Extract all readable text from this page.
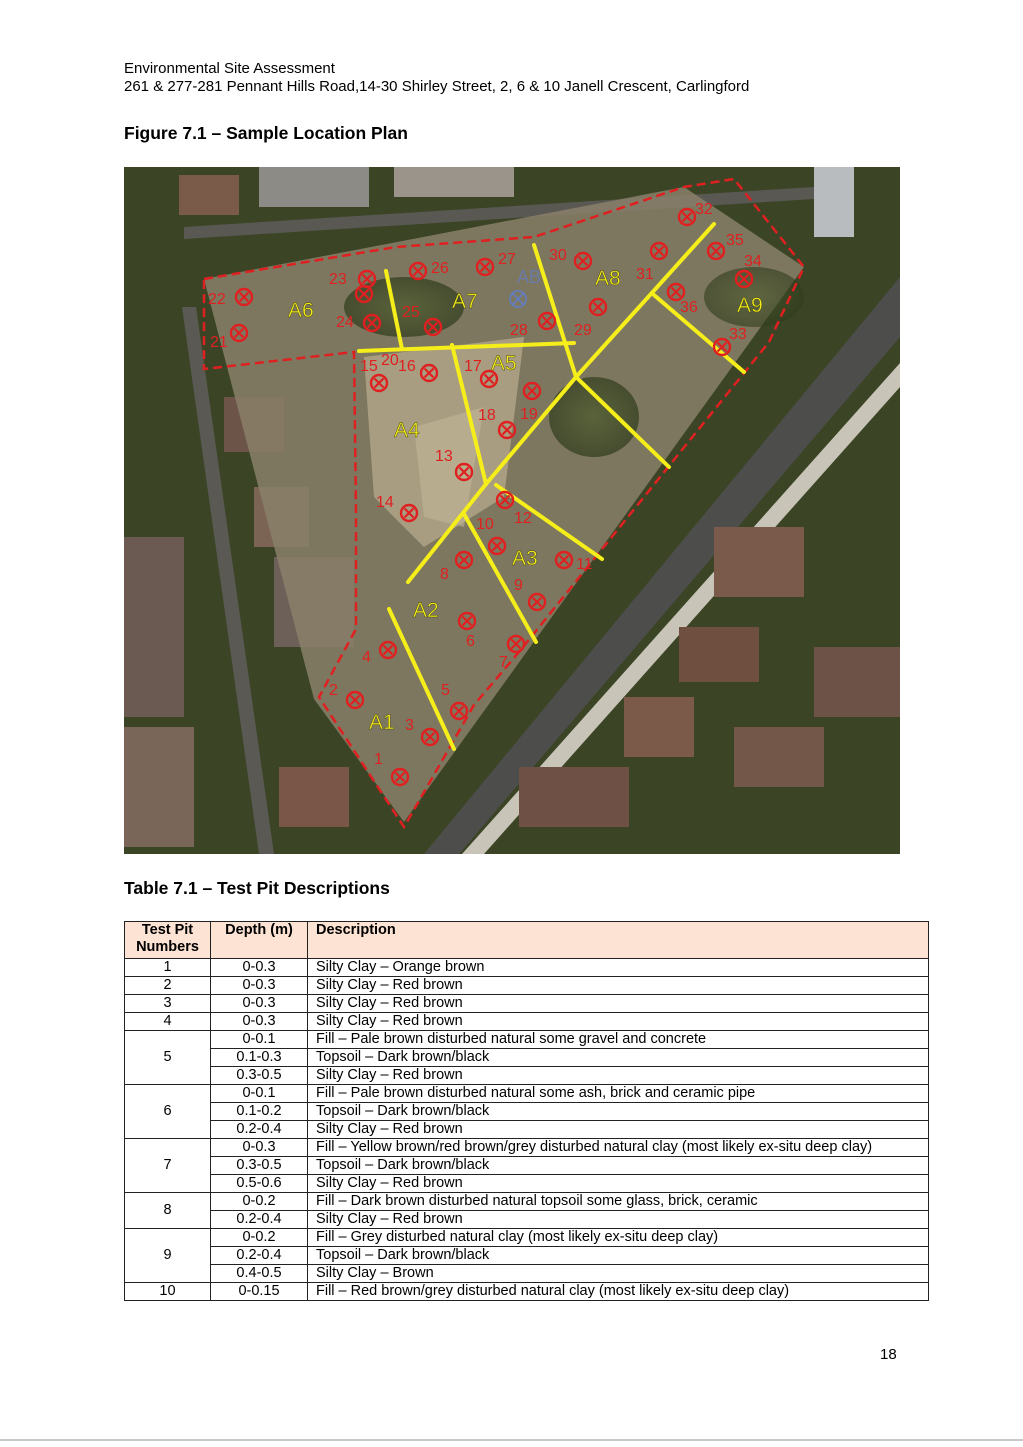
Environmental Site Assessment
261 & 277-281 Pennant Hills Road,14-30 Shirley Street, 2, 6 & 10 Janell Crescent, Carlingford
Figure 7.1 – Sample Location Plan
A1
A2
A3
A4
A5
A6	A7
A8
A9
AB
1
2
3
4
5
6
7
8
9
10
11
12
13
14
15 16	17
18 19
20
21
22
23
24
25
26
27
28	29
30
31
32
33
34
35
36
Table 7.1 – Test Pit Descriptions
Test Pit
Numbers	Depth (m)	Description
1	0-0.3	Silty Clay – Orange brown
2	0-0.3	Silty Clay – Red brown
3	0-0.3	Silty Clay – Red brown
4	0-0.3	Silty Clay – Red brown
5	0-0.1	Fill – Pale brown disturbed natural some gravel and concrete
	0.1-0.3	Topsoil – Dark brown/black
	0.3-0.5	Silty Clay – Red brown
6	0-0.1	Fill – Pale brown disturbed natural some ash, brick and ceramic pipe
	0.1-0.2	Topsoil – Dark brown/black
	0.2-0.4	Silty Clay – Red brown
7	0-0.3	Fill – Yellow brown/red brown/grey disturbed natural clay (most likely ex-situ deep clay)
	0.3-0.5	Topsoil – Dark brown/black
	0.5-0.6	Silty Clay – Red brown
8	0-0.2	Fill – Dark brown disturbed natural topsoil some glass, brick, ceramic
	0.2-0.4	Silty Clay – Red brown
9	0-0.2	Fill – Grey disturbed natural clay (most likely ex-situ deep clay)
	0.2-0.4	Topsoil – Dark brown/black
	0.4-0.5	Silty Clay – Brown
10	0-0.15	Fill – Red brown/grey disturbed natural clay (most likely ex-situ deep clay)
18
